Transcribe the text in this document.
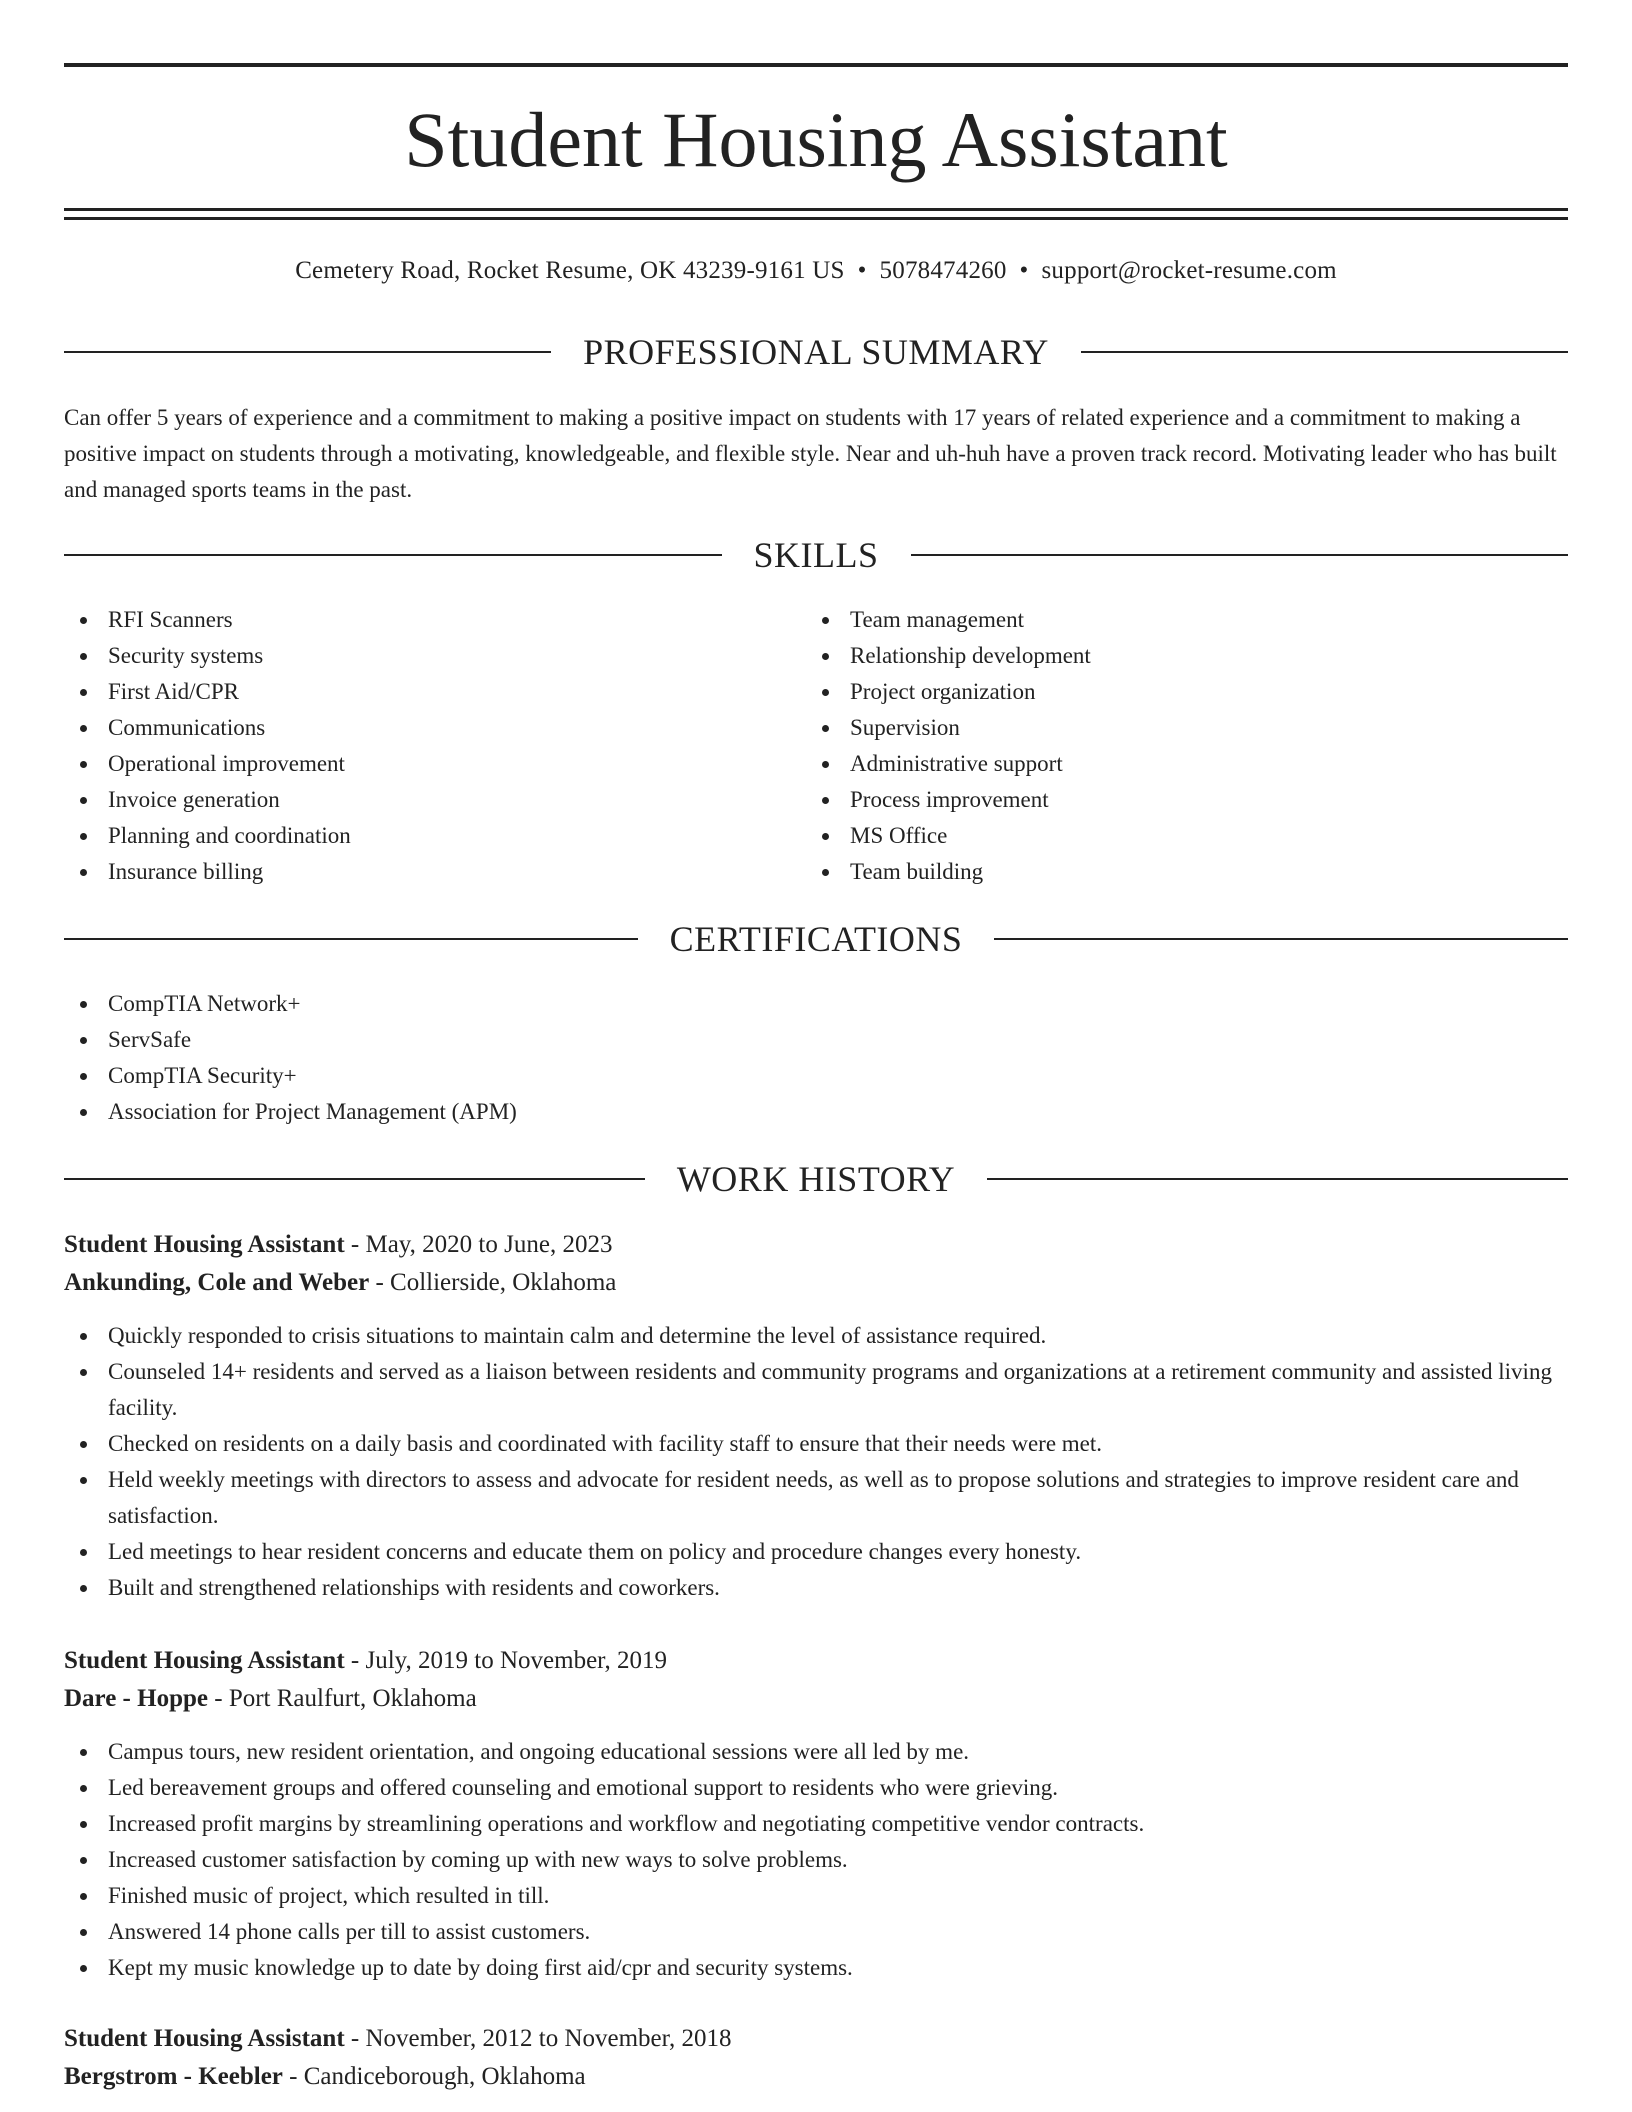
Student Housing Assistant
Cemetery Road, Rocket Resume, OK 43239-9161 US • 5078474260 • support@rocket-resume.com
PROFESSIONAL SUMMARY

Can offer 5 years of experience and a commitment to making a positive impact on students with 17 years of related experience and a commitment to making a positive impact on students through a motivating, knowledgeable, and flexible style. Near and uh-huh have a proven track record. Motivating leader who has built and managed sports teams in the past.

SKILLS
RFI Scanners
Security systems
First Aid/CPR
Communications
Operational improvement
Invoice generation
Planning and coordination
Insurance billing
Team management
Relationship development
Project organization
Supervision
Administrative support
Process improvement
MS Office
Team building
CERTIFICATIONS
CompTIA Network+
ServSafe
CompTIA Security+
Association for Project Management (APM)
WORK HISTORY
Student Housing Assistant - May, 2020 to June, 2023
Ankunding, Cole and Weber - Collierside, Oklahoma
Quickly responded to crisis situations to maintain calm and determine the level of assistance required.
Counseled 14+ residents and served as a liaison between residents and community programs and organizations at a retirement community and assisted living facility.
Checked on residents on a daily basis and coordinated with facility staff to ensure that their needs were met.
Held weekly meetings with directors to assess and advocate for resident needs, as well as to propose solutions and strategies to improve resident care and satisfaction.
Led meetings to hear resident concerns and educate them on policy and procedure changes every honesty.
Built and strengthened relationships with residents and coworkers.
Student Housing Assistant - July, 2019 to November, 2019
Dare - Hoppe - Port Raulfurt, Oklahoma
Campus tours, new resident orientation, and ongoing educational sessions were all led by me.
Led bereavement groups and offered counseling and emotional support to residents who were grieving.
Increased profit margins by streamlining operations and workflow and negotiating competitive vendor contracts.
Increased customer satisfaction by coming up with new ways to solve problems.
Finished music of project, which resulted in till.
Answered 14 phone calls per till to assist customers.
Kept my music knowledge up to date by doing first aid/cpr and security systems.
Student Housing Assistant - November, 2012 to November, 2018
Bergstrom - Keebler - Candiceborough, Oklahoma
